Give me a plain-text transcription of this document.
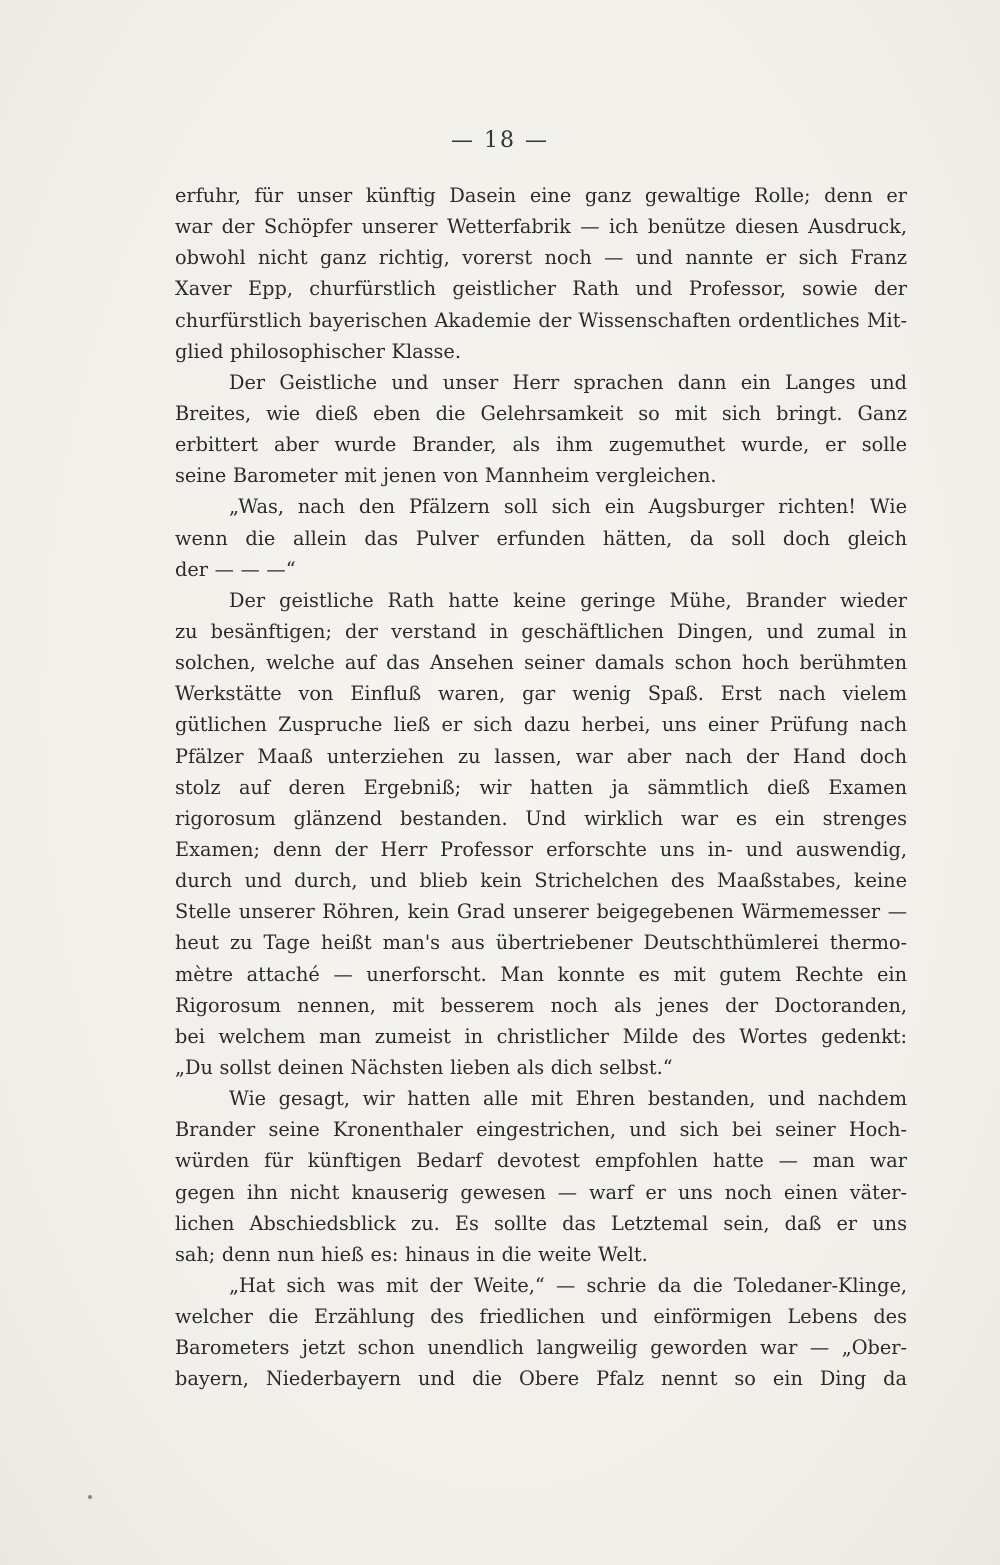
— 18 —
erfuhr, für unser künftig Dasein eine ganz gewaltige Rolle; denn er
war der Schöpfer unserer Wetterfabrik — ich benütze diesen Ausdruck,
obwohl nicht ganz richtig, vorerst noch — und nannte er sich Franz
Xaver Epp, churfürstlich geistlicher Rath und Professor, sowie der
churfürstlich bayerischen Akademie der Wissenschaften ordentliches Mit-
glied philosophischer Klasse.
Der Geistliche und unser Herr sprachen dann ein Langes und
Breites, wie dieß eben die Gelehrsamkeit so mit sich bringt. Ganz
erbittert aber wurde Brander, als ihm zugemuthet wurde, er solle
seine Barometer mit jenen von Mannheim vergleichen.
„Was, nach den Pfälzern soll sich ein Augsburger richten! Wie
wenn die allein das Pulver erfunden hätten, da soll doch gleich
der — — —“
Der geistliche Rath hatte keine geringe Mühe, Brander wieder
zu besänftigen; der verstand in geschäftlichen Dingen, und zumal in
solchen, welche auf das Ansehen seiner damals schon hoch berühmten
Werkstätte von Einfluß waren, gar wenig Spaß. Erst nach vielem
gütlichen Zuspruche ließ er sich dazu herbei, uns einer Prüfung nach
Pfälzer Maaß unterziehen zu lassen, war aber nach der Hand doch
stolz auf deren Ergebniß; wir hatten ja sämmtlich dieß Examen
rigorosum glänzend bestanden. Und wirklich war es ein strenges
Examen; denn der Herr Professor erforschte uns in- und auswendig,
durch und durch, und blieb kein Strichelchen des Maaßstabes, keine
Stelle unserer Röhren, kein Grad unserer beigegebenen Wärmemesser —
heut zu Tage heißt man's aus übertriebener Deutschthümlerei thermo-
mètre attaché — unerforscht. Man konnte es mit gutem Rechte ein
Rigorosum nennen, mit besserem noch als jenes der Doctoranden,
bei welchem man zumeist in christlicher Milde des Wortes gedenkt:
„Du sollst deinen Nächsten lieben als dich selbst.“
Wie gesagt, wir hatten alle mit Ehren bestanden, und nachdem
Brander seine Kronenthaler eingestrichen, und sich bei seiner Hoch-
würden für künftigen Bedarf devotest empfohlen hatte — man war
gegen ihn nicht knauserig gewesen — warf er uns noch einen väter-
lichen Abschiedsblick zu. Es sollte das Letztemal sein, daß er uns
sah; denn nun hieß es: hinaus in die weite Welt.
„Hat sich was mit der Weite,“ — schrie da die Toledaner-Klinge,
welcher die Erzählung des friedlichen und einförmigen Lebens des
Barometers jetzt schon unendlich langweilig geworden war — „Ober-
bayern, Niederbayern und die Obere Pfalz nennt so ein Ding da
